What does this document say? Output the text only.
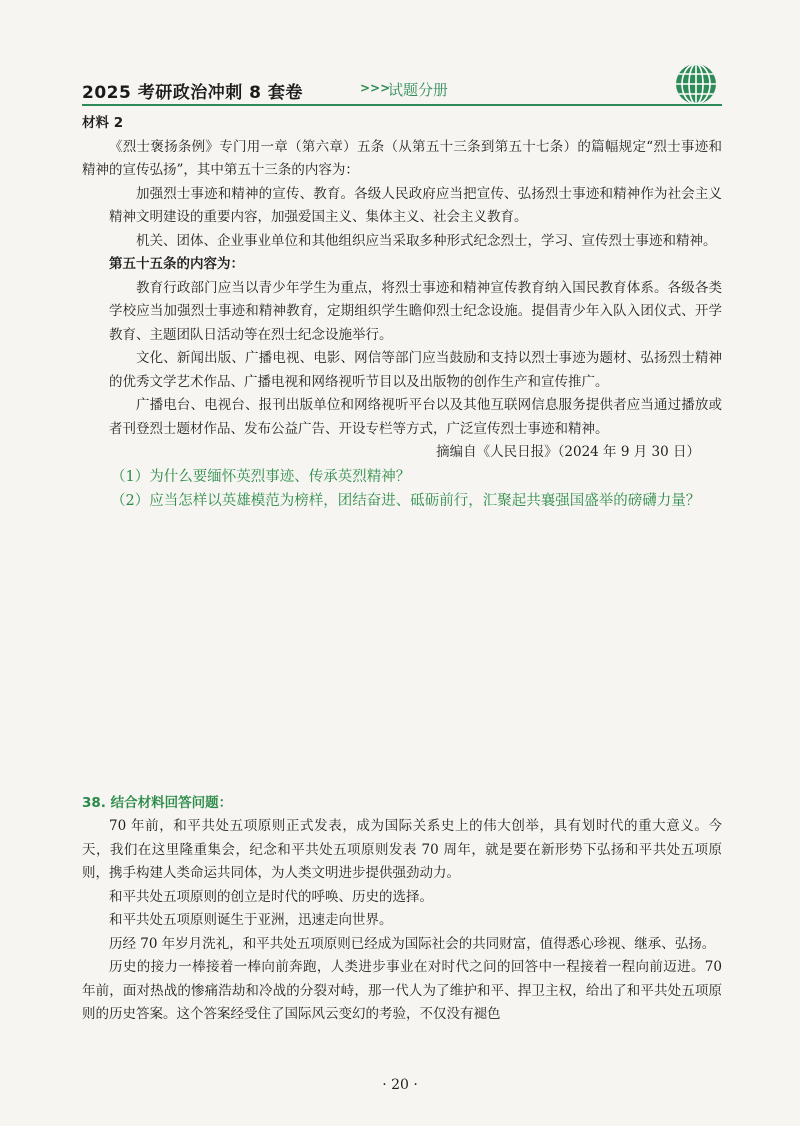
2025 考研政治冲刺 8 套卷	>>>
试题分册

材料 2

《烈士褒扬条例》专门用一章（第六章）五条（从第五十三条到第五十七条）的篇幅规定“烈士事迹和精神的宣传弘扬”，其中第五十三条的内容为：

加强烈士事迹和精神的宣传、教育。各级人民政府应当把宣传、弘扬烈士事迹和精神作为社会主义精神文明建设的重要内容，加强爱国主义、集体主义、社会主义教育。

机关、团体、企业事业单位和其他组织应当采取多种形式纪念烈士，学习、宣传烈士事迹和精神。

第五十五条的内容为：

教育行政部门应当以青少年学生为重点，将烈士事迹和精神宣传教育纳入国民教育体系。各级各类学校应当加强烈士事迹和精神教育，定期组织学生瞻仰烈士纪念设施。提倡青少年入队入团仪式、开学教育、主题团队日活动等在烈士纪念设施举行。

文化、新闻出版、广播电视、电影、网信等部门应当鼓励和支持以烈士事迹为题材、弘扬烈士精神的优秀文学艺术作品、广播电视和网络视听节目以及出版物的创作生产和宣传推广。

广播电台、电视台、报刊出版单位和网络视听平台以及其他互联网信息服务提供者应当通过播放或者刊登烈士题材作品、发布公益广告、开设专栏等方式，广泛宣传烈士事迹和精神。

摘编自《人民日报》（2024 年 9 月 30 日）

（1）为什么要缅怀英烈事迹、传承英烈精神？

（2）应当怎样以英雄模范为榜样，团结奋进、砥砺前行，汇聚起共襄强国盛举的磅礴力量？

38. 结合材料回答问题：

70 年前，和平共处五项原则正式发表，成为国际关系史上的伟大创举，具有划时代的重大意义。今天，我们在这里隆重集会，纪念和平共处五项原则发表 70 周年，就是要在新形势下弘扬和平共处五项原则，携手构建人类命运共同体，为人类文明进步提供强劲动力。

和平共处五项原则的创立是时代的呼唤、历史的选择。

和平共处五项原则诞生于亚洲，迅速走向世界。

历经 70 年岁月洗礼，和平共处五项原则已经成为国际社会的共同财富，值得悉心珍视、继承、弘扬。

历史的接力一棒接着一棒向前奔跑，人类进步事业在对时代之问的回答中一程接着一程向前迈进。70 年前，面对热战的惨痛浩劫和冷战的分裂对峙，那一代人为了维护和平、捍卫主权，给出了和平共处五项原则的历史答案。这个答案经受住了国际风云变幻的考验，不仅没有褪色

· 20 ·
